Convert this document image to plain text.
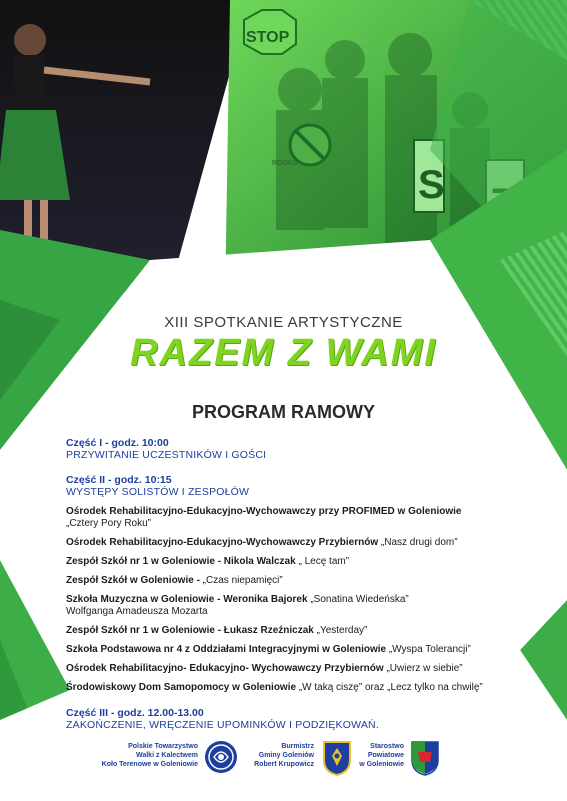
STOP
ROOKS	S
XIII SPOTKANIE ARTYSTYCZNE
RAZEM Z WAMI
PROGRAM RAMOWY
Część I - godz. 10:00
PRZYWITANIE UCZESTNIKÓW I GOŚCI
Część II - godz. 10:15
WYSTĘPY SOLISTÓW I ZESPOŁÓW
Ośrodek Rehabilitacyjno-Edukacyjno-Wychowawczy przy PROFIMED w Goleniowie
„Cztery Pory Roku”
Ośrodek Rehabilitacyjno-Edukacyjno-Wychowawczy Przybiernów „Nasz drugi dom”
Zespół Szkół nr 1 w Goleniowie - Nikola Walczak „ Lecę tam”
Zespół Szkół w Goleniowie - „Czas niepamięci”
Szkoła Muzyczna w Goleniowie - Weronika Bajorek „Sonatina Wiedeńska”
Wolfganga Amadeusza Mozarta
Zespół Szkół nr 1 w Goleniowie - Łukasz Rzeźniczak „Yesterday”
Szkoła Podstawowa nr 4 z Oddziałami Integracyjnymi w Goleniowie „Wyspa Tolerancji”
Ośrodek Rehabilitacyjno- Edukacyjno- Wychowawczy Przybiernów „Uwierz w siebie”
Środowiskowy Dom Samopomocy w Goleniowie „W taką ciszę” oraz „Lecz tylko na chwilę”
Część III - godz. 12.00-13.00
ZAKOŃCZENIE, WRĘCZENIE UPOMINKÓW I PODZIĘKOWAŃ.
Polskie Towarzystwo
Walki z Kalectwem
Koło Terenowe w Goleniowie
Burmistrz
Gminy Goleniów
Robert Krupowicz
Starostwo
Powiatowe
w Goleniowie
